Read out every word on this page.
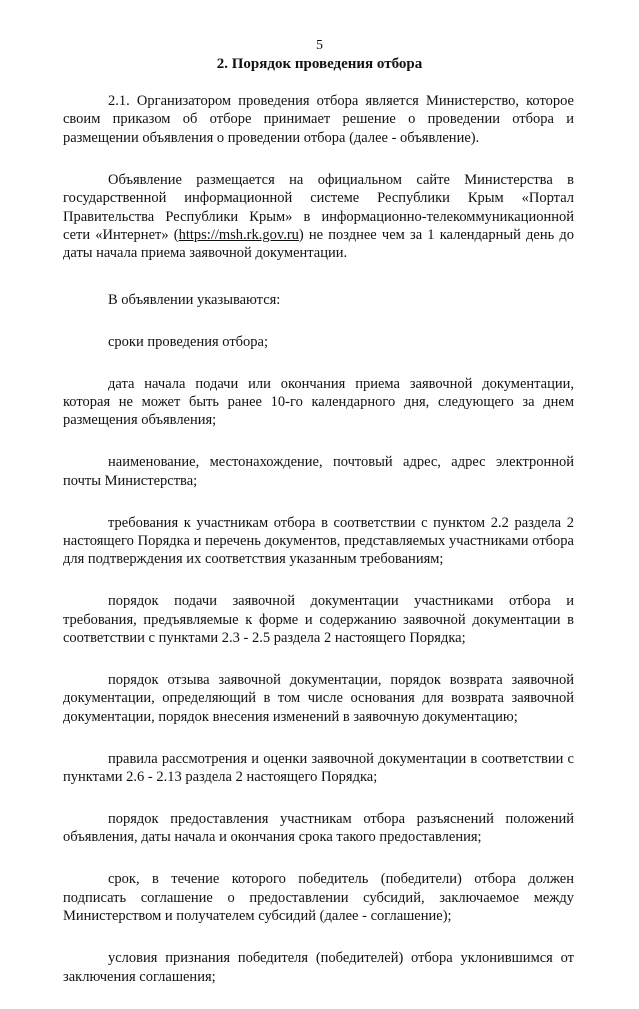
5
2. Порядок проведения отбора

2.1. Организатором проведения отбора является Министерство, которое своим приказом об отборе принимает решение о проведении отбора и размещении объявления о проведении отбора (далее - объявление).

Объявление размещается на официальном сайте Министерства в государственной информационной системе Республики Крым «Портал Правительства Республики Крым» в информационно-телекоммуникационной сети «Интернет» (https://msh.rk.gov.ru) не позднее чем за 1 календарный день до даты начала приема заявочной документации.

В объявлении указываются:

сроки проведения отбора;

дата начала подачи или окончания приема заявочной документации, которая не может быть ранее 10-го календарного дня, следующего за днем размещения объявления;

наименование, местонахождение, почтовый адрес, адрес электронной почты Министерства;

требования к участникам отбора в соответствии с пунктом 2.2 раздела 2 настоящего Порядка и перечень документов, представляемых участниками отбора для подтверждения их соответствия указанным требованиям;

порядок подачи заявочной документации участниками отбора и требования, предъявляемые к форме и содержанию заявочной документации в соответствии с пунктами 2.3 - 2.5 раздела 2 настоящего Порядка;

порядок отзыва заявочной документации, порядок возврата заявочной документации, определяющий в том числе основания для возврата заявочной документации, порядок внесения изменений в заявочную документацию;

правила рассмотрения и оценки заявочной документации в соответствии с пунктами 2.6 - 2.13 раздела 2 настоящего Порядка;

порядок предоставления участникам отбора разъяснений положений объявления, даты начала и окончания срока такого предоставления;

срок, в течение которого победитель (победители) отбора должен подписать соглашение о предоставлении субсидий, заключаемое между Министерством и получателем субсидий (далее - соглашение);

условия признания победителя (победителей) отбора уклонившимся от заключения соглашения;
